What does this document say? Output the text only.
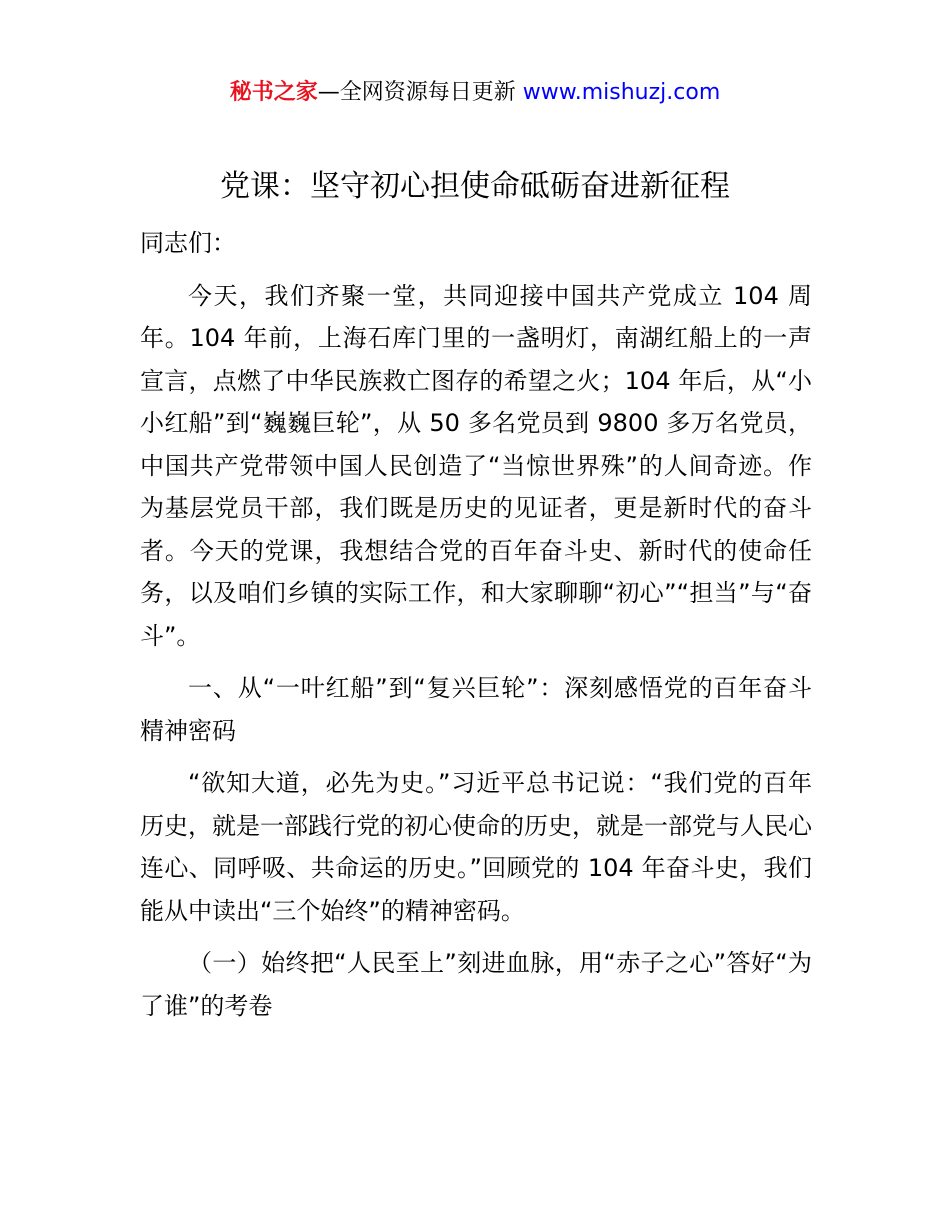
秘书之家—全网资源每日更新 www.mishuzj.com
党课：坚守初心担使命砥砺奋进新征程

同志们：

今天，我们齐聚一堂，共同迎接中国共产党成立 104 周年。104 年前，上海石库门里的一盏明灯，南湖红船上的一声宣言，点燃了中华民族救亡图存的希望之火；104 年后，从“小小红船”到“巍巍巨轮”，从 50 多名党员到 9800 多万名党员，中国共产党带领中国人民创造了“当惊世界殊”的人间奇迹。作为基层党员干部，我们既是历史的见证者，更是新时代的奋斗者。今天的党课，我想结合党的百年奋斗史、新时代的使命任务，以及咱们乡镇的实际工作，和大家聊聊“初心”“担当”与“奋斗”。

一、从“一叶红船”到“复兴巨轮”：深刻感悟党的百年奋斗精神密码

“欲知大道，必先为史。”习近平总书记说：“我们党的百年历史，就是一部践行党的初心使命的历史，就是一部党与人民心连心、同呼吸、共命运的历史。”回顾党的 104 年奋斗史，我们能从中读出“三个始终”的精神密码。

（一）始终把“人民至上”刻进血脉，用“赤子之心”答好“为了谁”的考卷
